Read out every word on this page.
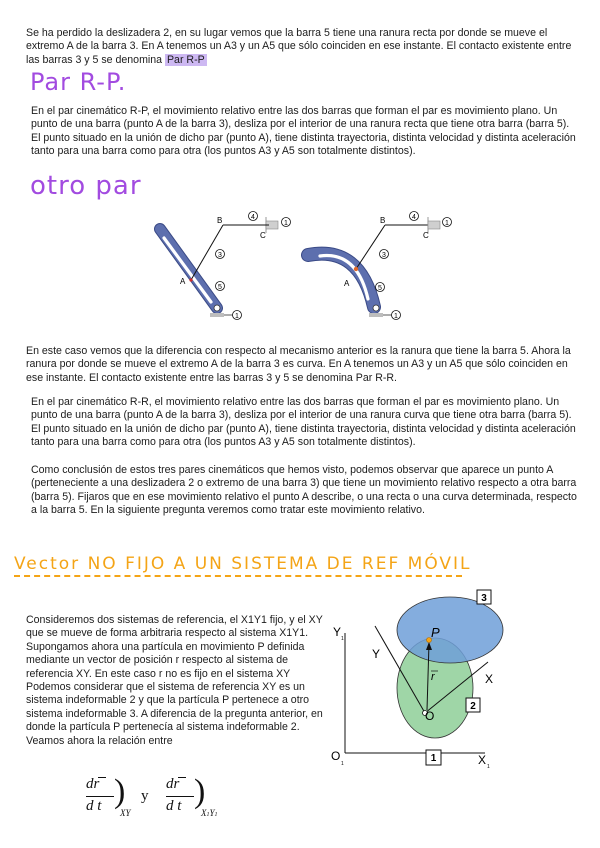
Se ha perdido la deslizadera 2, en su lugar vemos que la barra 5 tiene una ranura recta por donde se mueve el extremo A de la barra 3. En A tenemos un A3 y un A5 que sólo coinciden en ese instante. El contacto existente entre las barras 3 y 5 se denomina Par R-P

Par R-P.

En el par cinemático R-P, el movimiento relativo entre las dos barras que forman el par es movimiento plano. Un punto de una barra (punto A de la barra 3), desliza por el interior de una ranura recta que tiene otra barra (barra 5). El punto situado en la unión de dicho par (punto A), tiene distinta trayectoria, distinta velocidad y distinta aceleración tanto para una barra como para otra (los puntos A3 y A5 son totalmente distintos).

otro par
1
B
C
A
4
1
3
5
1
B
C
A
4
1
3
5

En este caso vemos que la diferencia con respecto al mecanismo anterior es la ranura que tiene la barra 5. Ahora la ranura por donde se mueve el extremo A de la barra 3 es curva. En A tenemos un A3 y un A5 que sólo coinciden en ese instante. El contacto existente entre las barras 3 y 5 se denomina Par R-R.

En el par cinemático R-R, el movimiento relativo entre las dos barras que forman el par es movimiento plano. Un punto de una barra (punto A de la barra 3), desliza por el interior de una ranura curva que tiene otra barra (barra 5). El punto situado en la unión de dicho par (punto A), tiene distinta trayectoria, distinta velocidad y distinta aceleración tanto para una barra como para otra (los puntos A3 y A5 son totalmente distintos).

Como conclusión de estos tres pares cinemáticos que hemos visto, podemos observar que aparece un punto A (perteneciente a una deslizadera 2 o extremo de una barra 3) que tiene un movimiento relativo respecto a otra barra (barra 5). Fijaros que en ese movimiento relativo el punto A describe, o una recta o una curva determinada, respecto a la barra 5. En la siguiente pregunta veremos como tratar este movimiento relativo.

Vector NO FIJO A UN SISTEMA DE REF MÓVIL

Consideremos dos sistemas de referencia, el X1Y1 fijo, y el XY que se mueve de forma arbitraria respecto al sistema X1Y1. Supongamos ahora una partícula en movimiento P definida mediante un vector de posición r respecto al sistema de referencia XY. En este caso r no es fijo en el sistema XY Podemos considerar que el sistema de referencia XY es un sistema indeformable 2 y que la partícula P pertenece a otro sistema indeformable 3. A diferencia de la pregunta anterior, en donde la partícula P pertenecía al sistema indeformable 2. Veamos ahora la relación entre

Y 1
Y
X
X 1
O
1
O
P
r
3
2
1
dr
d t )
XY
y
dr
d t )
X1Y1
